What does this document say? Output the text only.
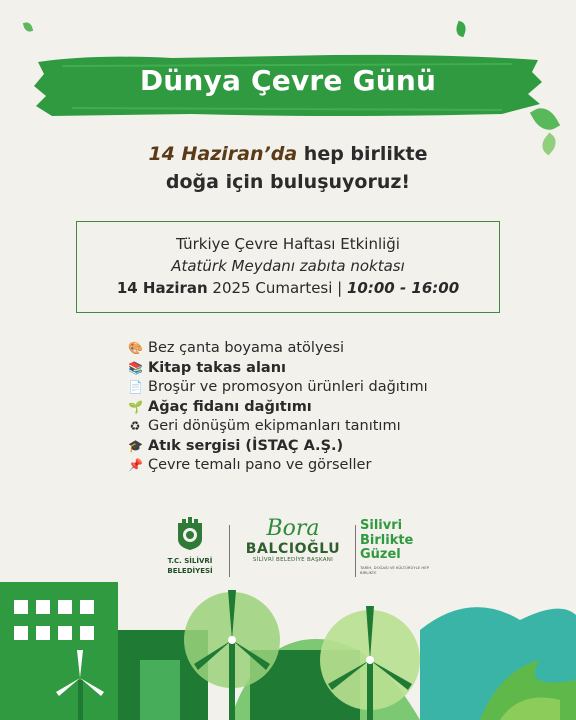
Dünya Çevre Günü
14 Haziran’da hep birlikte
doğa için buluşuyoruz!
Türkiye Çevre Haftası Etkinliği
Atatürk Meydanı zabıta noktası
14 Haziran 2025 Cumartesi | 10:00 - 16:00
🎨 Bez çanta boyama atölyesi
📚 Kitap takas alanı
📄 Broşür ve promosyon ürünleri dağıtımı
🌱 Ağaç fidanı dağıtımı
♻ Geri dönüşüm ekipmanları tanıtımı
🎓 Atık sergisi (İSTAÇ A.Ş.)
📌 Çevre temalı pano ve görseller
T.C. SİLİVRİ
BELEDİYESİ
Bora
BALCIOĞLU
SİLİVRİ BELEDİYE BAŞKANI
Silivri
Birlikte
Güzel
TARİH, DOĞASI VE KÜLTÜRÜYLE HEP BİRLİKTE
